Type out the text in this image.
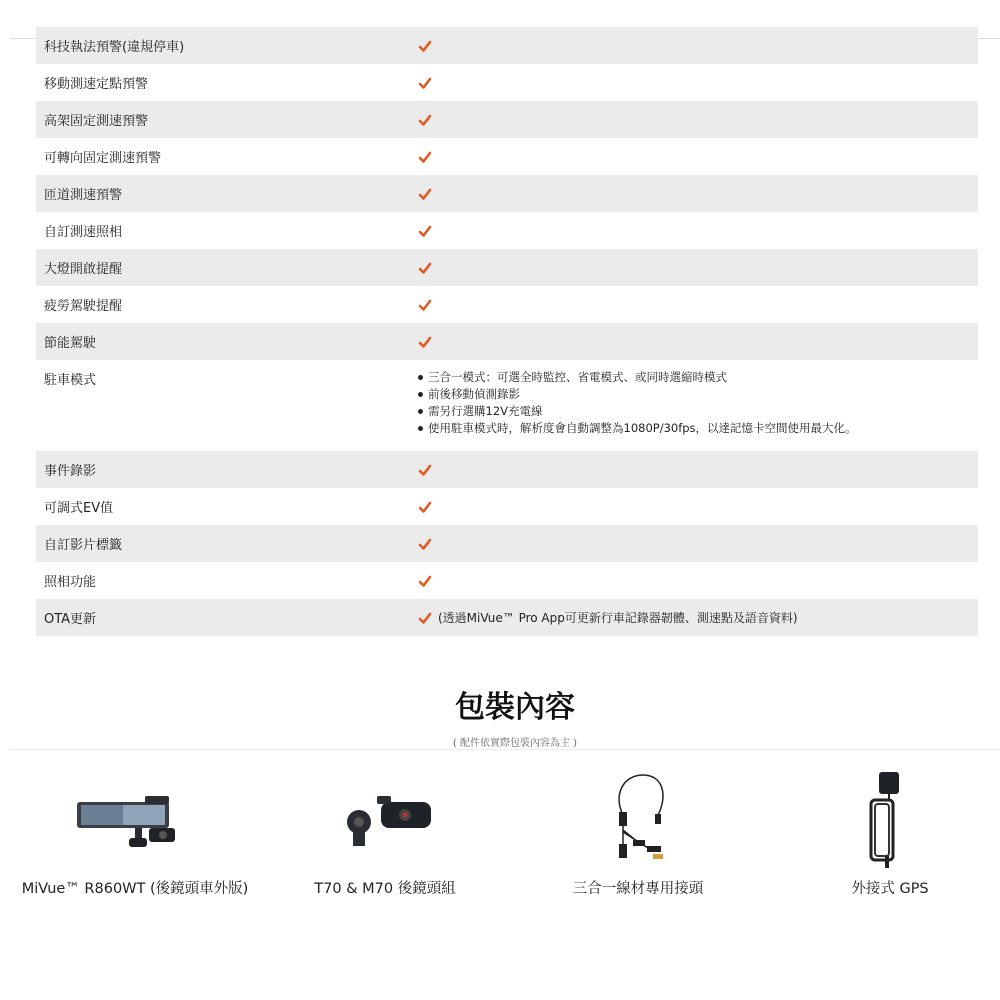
科技執法預警(違規停車)
移動測速定點預警
高架固定測速預警
可轉向固定測速預警
匝道測速預警
自訂測速照相
大燈開啟提醒
疲勞駕駛提醒
節能駕駛
駐車模式	三合一模式：可選全時監控、省電模式、或同時選縮時模式
前後移動偵測錄影
需另行選購12V充電線
使用駐車模式時，解析度會自動調整為1080P/30fps，以達記憶卡空間使用最大化。
事件錄影
可調式EV值
自訂影片標籤
照相功能
OTA更新	(透過MiVue™ Pro App可更新行車記錄器韌體、測速點及語音資料)
包裝內容
( 配件依實際包裝內容為主 )
MiVue™ R860WT (後鏡頭車外版)	T70 & M70 後鏡頭組	三合一線材專用接頭	外接式 GPS
